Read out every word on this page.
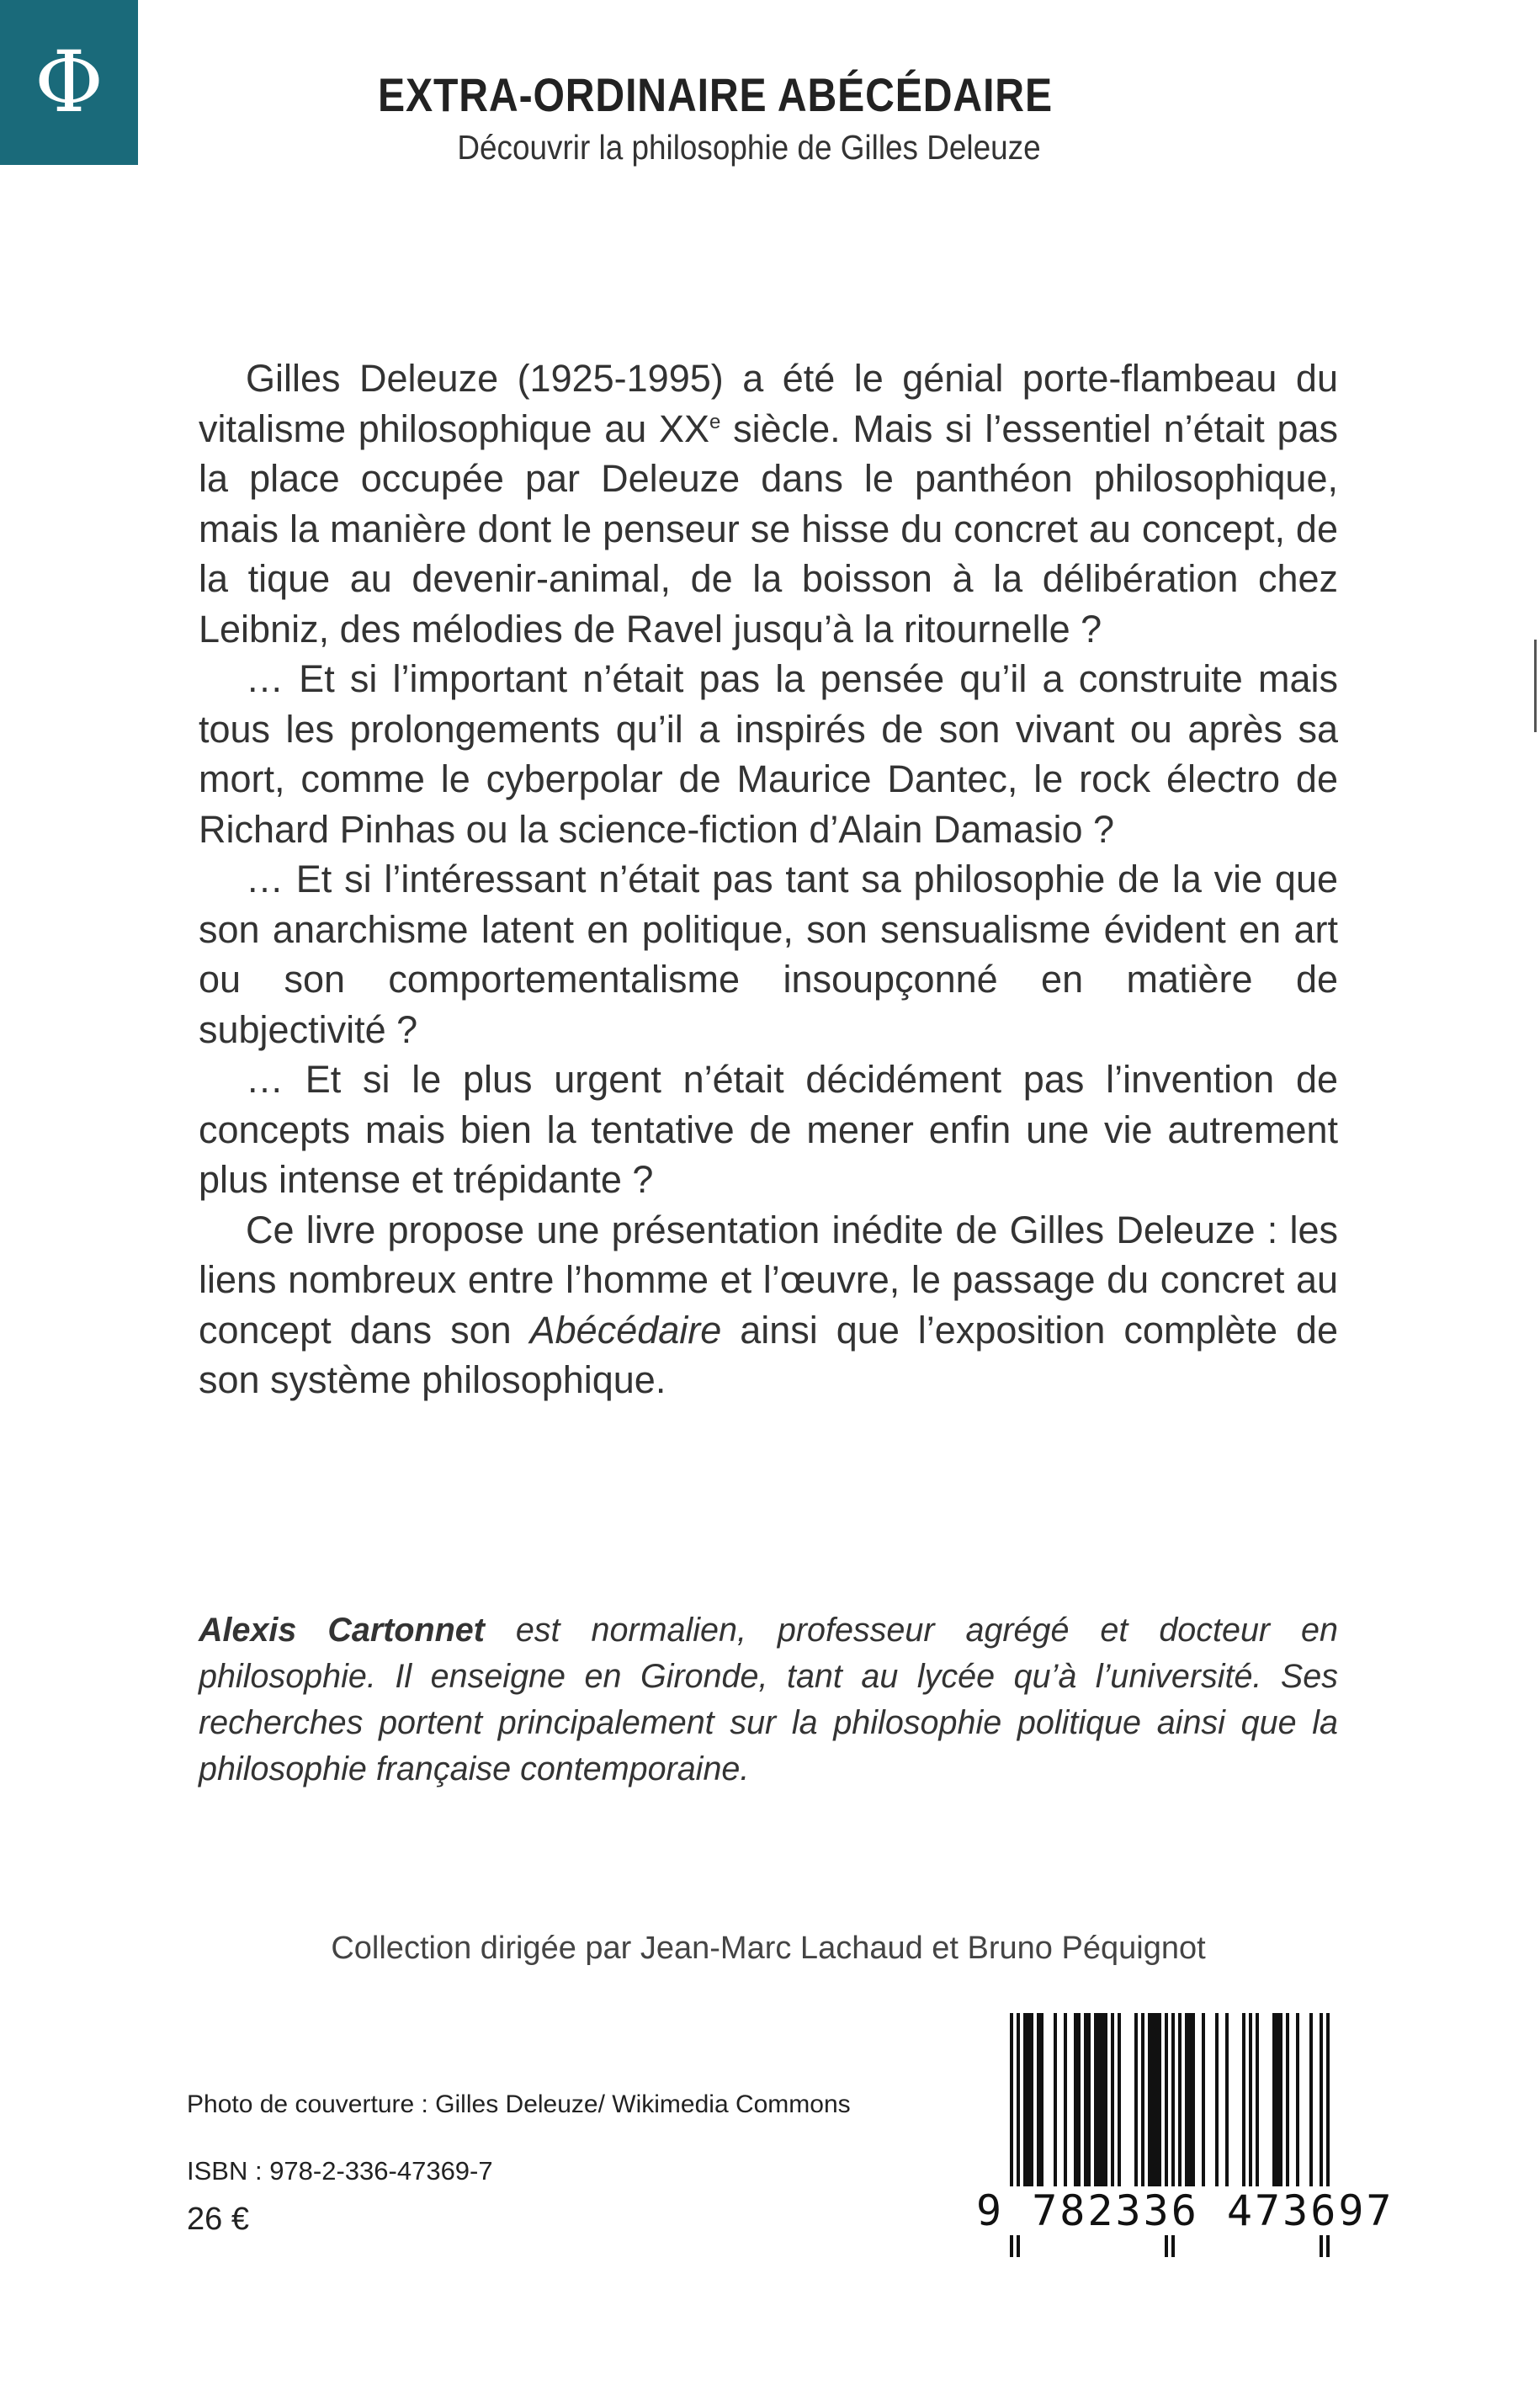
Φ	EXTRA-ORDINAIRE ABÉCÉDAIRE
Découvrir la philosophie de Gilles Deleuze

Gilles Deleuze (1925-1995) a été le génial porte-flambeau du vitalisme philosophique au XXe siècle. Mais si l’essentiel n’était pas la place occupée par Deleuze dans le panthéon philosophique, mais la manière dont le penseur se hisse du concret au concept, de la tique au devenir-animal, de la boisson à la délibération chez Leibniz, des mélodies de Ravel jusqu’à la ritournelle ?

… Et si l’important n’était pas la pensée qu’il a construite mais tous les prolongements qu’il a inspirés de son vivant ou après sa mort, comme le cyberpolar de Maurice Dantec, le rock électro de Richard Pinhas ou la science-fiction d’Alain Damasio ?

… Et si l’intéressant n’était pas tant sa philosophie de la vie que son anarchisme latent en politique, son sensualisme évident en art ou son comportementalisme insoupçonné en matière de subjectivité ?

… Et si le plus urgent n’était décidément pas l’invention de concepts mais bien la tentative de mener enfin une vie autrement plus intense et trépidante ?

Ce livre propose une présentation inédite de Gilles Deleuze : les liens nombreux entre l’homme et l’œuvre, le passage du concret au concept dans son Abécédaire ainsi que l’exposition complète de son système philosophique.

Alexis Cartonnet est normalien, professeur agrégé et docteur en philosophie. Il enseigne en Gironde, tant au lycée qu’à l’université. Ses recherches portent principalement sur la philosophie politique ainsi que la philosophie française contemporaine.
Collection dirigée par Jean-Marc Lachaud et Bruno Péquignot
Photo de couverture : Gilles Deleuze/ Wikimedia Commons
ISBN : 978-2-336-47369-7
26 €	9 782336 473697
